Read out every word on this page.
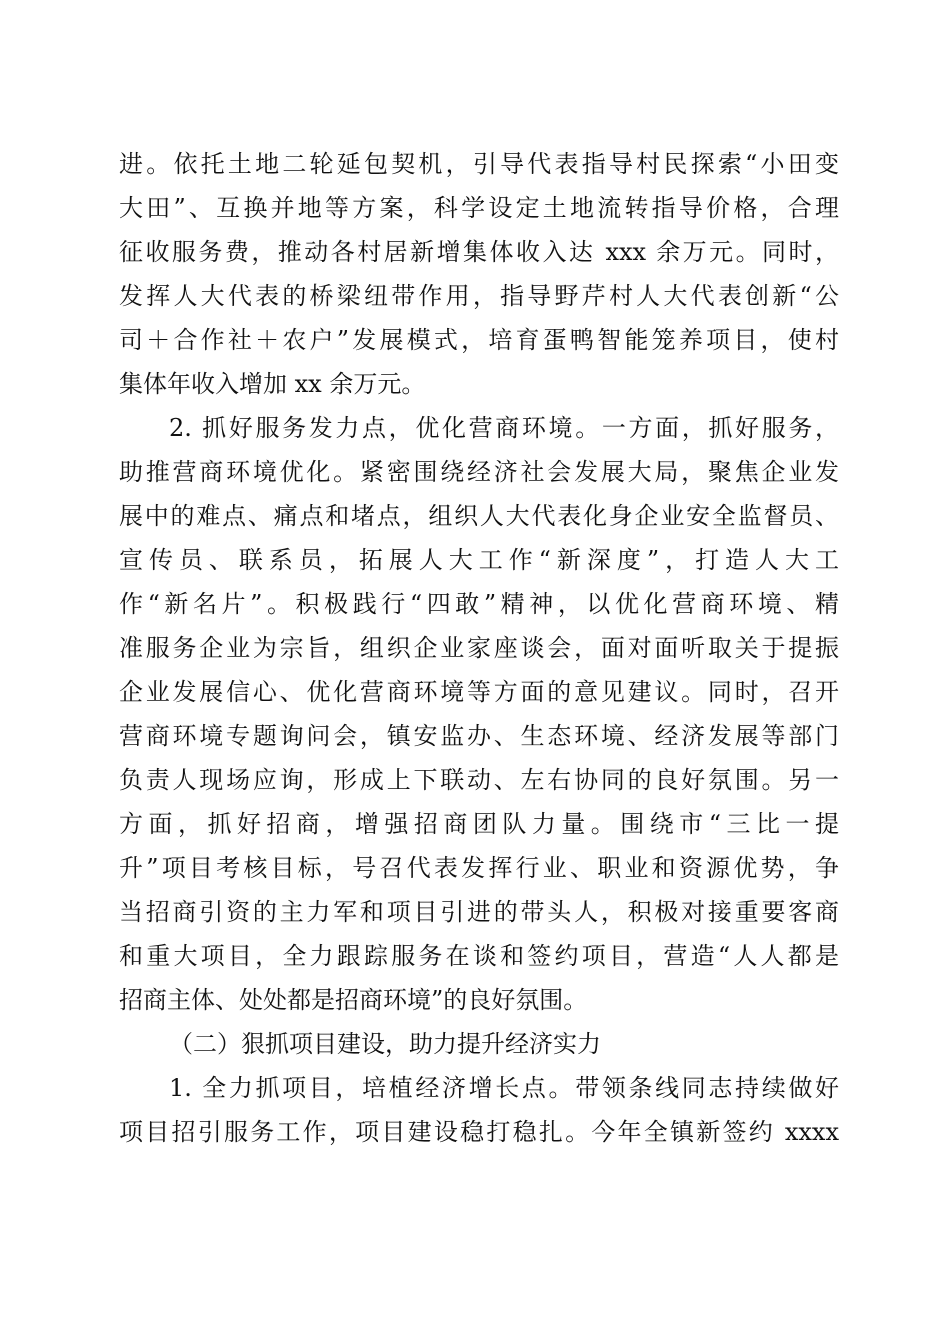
进。依托土地二轮延包契机，引导代表指导村民探索“小田变
大田”、互换并地等方案，科学设定土地流转指导价格，合理
征收服务费，推动各村居新增集体收入达 xxx 余万元。同时，
发挥人大代表的桥梁纽带作用，指导野芹村人大代表创新“公
司＋合作社＋农户”发展模式，培育蛋鸭智能笼养项目，使村
集体年收入增加 xx 余万元。
2. 抓好服务发力点，优化营商环境。一方面，抓好服务，
助推营商环境优化。紧密围绕经济社会发展大局，聚焦企业发
展中的难点、痛点和堵点，组织人大代表化身企业安全监督员、
宣传员、联系员，拓展人大工作“新深度”，打造人大工
作“新名片”。积极践行“四敢”精神，以优化营商环境、精
准服务企业为宗旨，组织企业家座谈会，面对面听取关于提振
企业发展信心、优化营商环境等方面的意见建议。同时，召开
营商环境专题询问会，镇安监办、生态环境、经济发展等部门
负责人现场应询，形成上下联动、左右协同的良好氛围。另一
方面，抓好招商，增强招商团队力量。围绕市“三比一提
升”项目考核目标，号召代表发挥行业、职业和资源优势，争
当招商引资的主力军和项目引进的带头人，积极对接重要客商
和重大项目，全力跟踪服务在谈和签约项目，营造“人人都是
招商主体、处处都是招商环境”的良好氛围。
（二）狠抓项目建设，助力提升经济实力
1. 全力抓项目，培植经济增长点。带领条线同志持续做好
项目招引服务工作，项目建设稳打稳扎。今年全镇新签约 xxxx
